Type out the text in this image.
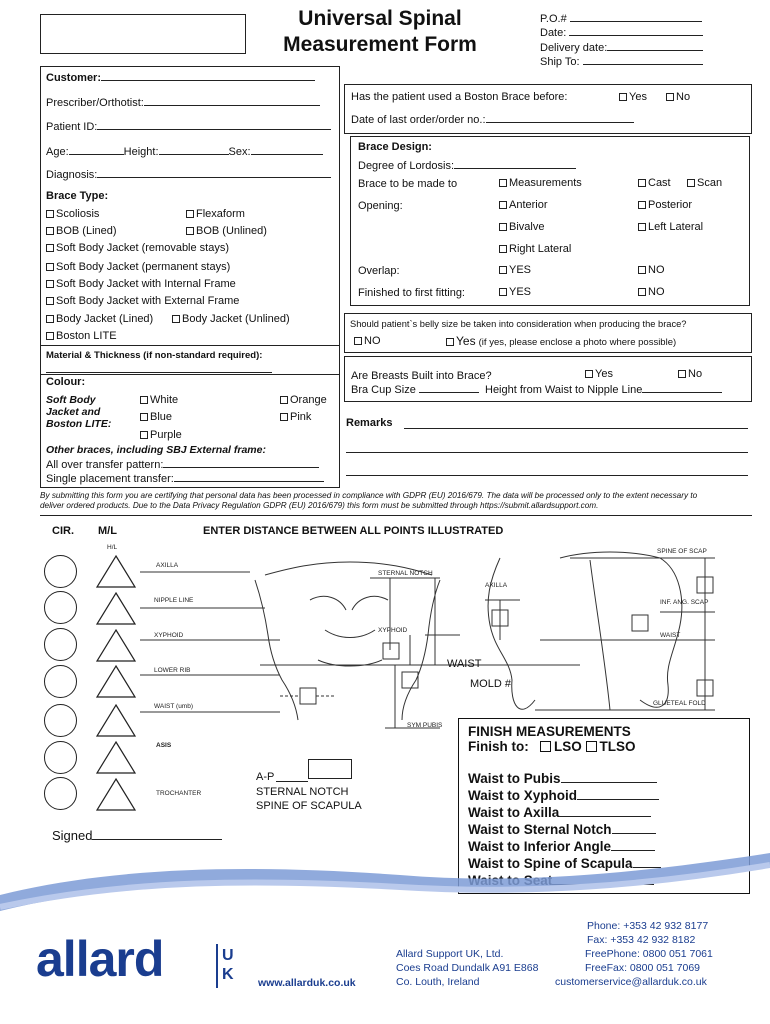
Universal Spinal
Measurement Form
P.O.#
Date:
Delivery date:
Ship To:
Customer:
Prescriber/Orthotist:
Patient ID:
Age:	Height:	Sex:
Diagnosis:
Brace Type:
Scoliosis	Flexaform
BOB (Lined)	BOB (Unlined)
Soft Body Jacket (removable stays)
Soft Body Jacket (permanent stays)
Soft Body Jacket with Internal Frame
Soft Body Jacket with External Frame
Body Jacket (Lined)	Body Jacket (Unlined)
Boston LITE
Material & Thickness (if non-standard required):
Colour:
Soft Body
Jacket and
Boston LITE:
White
Blue
Purple
Orange
Pink
Other braces, including SBJ External frame:
All over transfer pattern:
Single placement transfer:
Has the patient used a Boston Brace before:	Yes	No
Date of last order/order no.:
Brace Design:
Degree of Lordosis:
Brace to be made to	Measurements	Cast	Scan
Opening:	Anterior	Posterior
Bivalve	Left Lateral
Right Lateral
Overlap:	YES	NO
Finished to first fitting:	YES	NO
Should patient`s belly size be taken into consideration when producing the brace?
NO	Yes (if yes, please enclose a photo where possible)
Are Breasts Built into Brace?	Yes	No
Bra Cup Size	Height from Waist to Nipple Line
Remarks
By submitting this form you are certifying that personal data has been processed in compliance with GDPR (EU) 2016/679. The data will be processed only to the extent necessary to
deliver ordered products. Due to the Data Privacy Regulation GDPR (EU) 2016/679) this form must be submitted through https://submit.allardsupport.com.
CIR. M/L	ENTER DISTANCE BETWEEN ALL POINTS ILLUSTRATED
H/L
AXILLA
NIPPLE LINE
XYPHOID
LOWER RIB
WAIST (umb)
ASIS
TROCHANTER
STERNAL NOTCH
XYPHOID
WAIST
SYM PUBIS
MOLD #
AXILLA
SPINE OF SCAP
INF. ANG. SCAP
WAIST
GLUETEAL FOLD
A-P
STERNAL NOTCH
SPINE OF SCAPULA
Signed
FINISH MEASUREMENTS
Finish to: LSO TLSO
Waist to Pubis
Waist to Xyphoid
Waist to Axilla
Waist to Sternal Notch
Waist to Inferior Angle
Waist to Spine of Scapula
allard	UK www.allarduk.co.uk
Allard Support UK, Ltd.
Coes Road Dundalk A91 E868
Co. Louth, Ireland
Phone: +353 42 932 8177
Fax: +353 42 932 8182
FreePhone: 0800 051 7061
FreeFax: 0800 051 7069
customerservice@allarduk.co.uk
